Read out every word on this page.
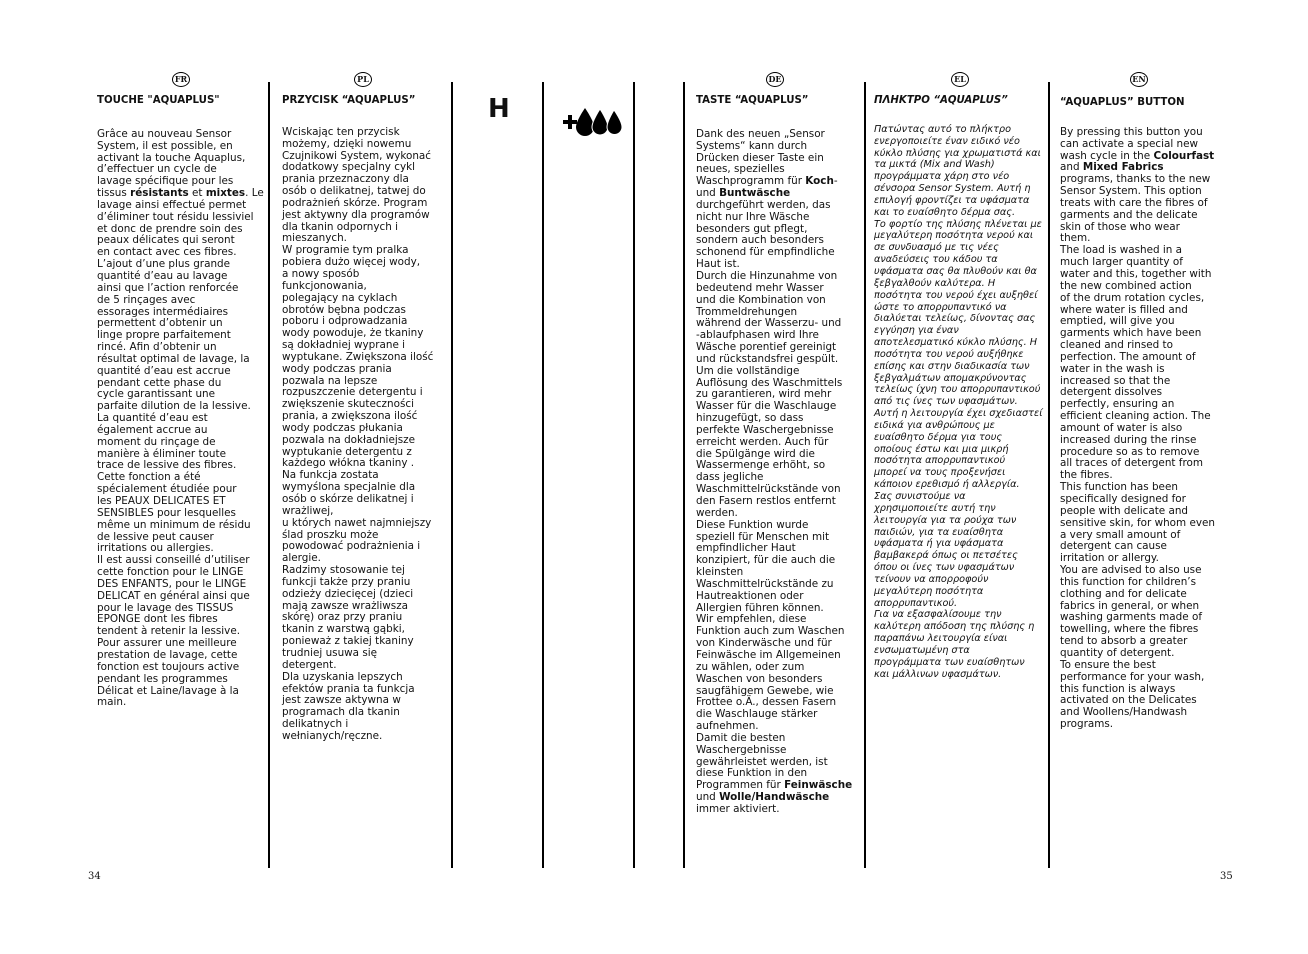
FR	PL	DE	EL	EN
H

TOUCHE "AQUAPLUS"

Grâce au nouveau Sensor
System, il est possible, en
activant la touche Aquaplus,
d’effectuer un cycle de
lavage spécifique pour les
tissus résistants et mixtes. Le
lavage ainsi effectué permet
d’éliminer tout résidu lessiviel
et donc de prendre soin des
peaux délicates qui seront
en contact avec ces fibres.
L’ajout d’une plus grande
quantité d’eau au lavage
ainsi que l’action renforcée
de 5 rinçages avec
essorages intermédiaires
permettent d’obtenir un
linge propre parfaitement
rincé. Afin d’obtenir un
résultat optimal de lavage, la
quantité d’eau est accrue
pendant cette phase du
cycle garantissant une
parfaite dilution de la lessive.
La quantité d’eau est
également accrue au
moment du rinçage de
manière à éliminer toute
trace de lessive des fibres.
Cette fonction a été
spécialement étudiée pour
les PEAUX DELICATES ET
SENSIBLES pour lesquelles
même un minimum de résidu
de lessive peut causer
irritations ou allergies.
Il est aussi conseillé d’utiliser
cette fonction pour le LINGE
DES ENFANTS, pour le LINGE
DELICAT en général ainsi que
pour le lavage des TISSUS
EPONGE dont les fibres
tendent à retenir la lessive.
Pour assurer une meilleure
prestation de lavage, cette
fonction est toujours active
pendant les programmes
Délicat et Laine/lavage à la
main.

PRZYCISK “AQUAPLUS”

Wciskając ten przycisk
możemy, dzięki nowemu
Czujnikowi System, wykonać
dodatkowy specjalny cykl
prania przeznaczony dla
osób o delikatnej, tatwej do
podrażnień skórze. Program
jest aktywny dla programów
dla tkanin odpornych i
mieszanych.
W programie tym pralka
pobiera dużo więcej wody,
a nowy sposób
funkcjonowania,
polegający na cyklach
obrotów bębna podczas
poboru i odprowadzania
wody powoduje, że tkaniny
są dokładniej wyprane i
wyptukane. Zwiększona ilość
wody podczas prania
pozwala na lepsze
rozpuszczenie detergentu i
zwiększenie skuteczności
prania, a zwiększona ilość
wody podczas płukania
pozwala na dokładniejsze
wyptukanie detergentu z
każdego włókna tkaniny .
Na funkcja zostata
wymyślona specjalnie dla
osób o skórze delikatnej i
wrażliwej,
u których nawet najmniejszy
ślad proszku może
powodować podrażnienia i
alergie.
Radzimy stosowanie tej
funkcji także przy praniu
odzieży dziecięcej (dzieci
mają zawsze wrażliwsza
skórę) oraz przy praniu
tkanin z warstwą gąbki,
ponieważ z takiej tkaniny
trudniej usuwa się
detergent.
Dla uzyskania lepszych
efektów prania ta funkcja
jest zawsze aktywna w
programach dla tkanin
delikatnych i
wełnianych/ręczne.

TASTE “AQUAPLUS”

Dank des neuen „Sensor
Systems“ kann durch
Drücken dieser Taste ein
neues, spezielles
Waschprogramm für Koch-
und Buntwäsche
durchgeführt werden, das
nicht nur Ihre Wäsche
besonders gut pflegt,
sondern auch besonders
schonend für empfindliche
Haut ist.
Durch die Hinzunahme von
bedeutend mehr Wasser
und die Kombination von
Trommeldrehungen
während der Wasserzu- und
-ablaufphasen wird Ihre
Wäsche porentief gereinigt
und rückstandsfrei gespült.
Um die vollständige
Auflösung des Waschmittels
zu garantieren, wird mehr
Wasser für die Waschlauge
hinzugefügt, so dass
perfekte Waschergebnisse
erreicht werden. Auch für
die Spülgänge wird die
Wassermenge erhöht, so
dass jegliche
Waschmittelrückstände von
den Fasern restlos entfernt
werden.
Diese Funktion wurde
speziell für Menschen mit
empfindlicher Haut
konzipiert, für die auch die
kleinsten
Waschmittelrückstände zu
Hautreaktionen oder
Allergien führen können.
Wir empfehlen, diese
Funktion auch zum Waschen
von Kinderwäsche und für
Feinwäsche im Allgemeinen
zu wählen, oder zum
Waschen von besonders
saugfähigem Gewebe, wie
Frottee o.Ä., dessen Fasern
die Waschlauge stärker
aufnehmen.
Damit die besten
Waschergebnisse
gewährleistet werden, ist
diese Funktion in den
Programmen für Feinwäsche
und Wolle/Handwäsche
immer aktiviert.

ΠΛΗΚΤΡΟ “AQUAPLUS”

Πατώντας αυτό το πλήκτρο
ενεργοποιείτε έναν ειδικό νέο
κύκλο πλύσης για χρωματιστά και
τα μικτά (Mix and Wash)
προγράμματα χάρη στο νέο
σένσορα Sensor System. Αυτή η
επιλογή φροντίζει τα υφάσματα
και το ευαίσθητο δέρμα σας.
Το φορτίο της πλύσης πλένεται με
μεγαλύτερη ποσότητα νερού και
σε συνδυασμό με τις νέες
αναδεύσεις του κάδου τα
υφάσματα σας θα πλυθούν και θα
ξεβγαλθούν καλύτερα. Η
ποσότητα του νερού έχει αυξηθεί
ώστε το απορρυπαντικό να
διαλύεται τελείως, δίνοντας σας
εγγύηση για έναν
αποτελεσματικό κύκλο πλύσης. Η
ποσότητα του νερού αυξήθηκε
επίσης και στην διαδικασία των
ξεβγαλμάτων απομακρύνοντας
τελείως ίχνη του απορρυπαντικού
από τις ίνες των υφασμάτων.
Αυτή η λειτουργία έχει σχεδιαστεί
ειδικά για ανθρώπους με
ευαίσθητο δέρμα για τους
οποίους έστω και μια μικρή
ποσότητα απορρυπαντικού
μπορεί να τους προξενήσει
κάποιον ερεθισμό ή αλλεργία.
Σας συνιστούμε να
χρησιμοποιείτε αυτή την
λειτουργία για τα ρούχα των
παιδιών, για τα ευαίσθητα
υφάσματα ή για υφάσματα
βαμβακερά όπως οι πετσέτες
όπου οι ίνες των υφασμάτων
τείνουν να απορροφούν
μεγαλύτερη ποσότητα
απορρυπαντικού.
Για να εξασφαλίσουμε την
καλύτερη απόδοση της πλύσης η
παραπάνω λειτουργία είναι
ενσωματωμένη στα
προγράμματα των ευαίσθητων
και μάλλινων υφασμάτων.

“AQUAPLUS” BUTTON

By pressing this button you
can activate a special new
wash cycle in the Colourfast
and Mixed Fabrics
programs, thanks to the new
Sensor System. This option
treats with care the fibres of
garments and the delicate
skin of those who wear
them.
The load is washed in a
much larger quantity of
water and this, together with
the new combined action
of the drum rotation cycles,
where water is filled and
emptied, will give you
garments which have been
cleaned and rinsed to
perfection. The amount of
water in the wash is
increased so that the
detergent dissolves
perfectly, ensuring an
efficient cleaning action. The
amount of water is also
increased during the rinse
procedure so as to remove
all traces of detergent from
the fibres.
This function has been
specifically designed for
people with delicate and
sensitive skin, for whom even
a very small amount of
detergent can cause
irritation or allergy.
You are advised to also use
this function for children’s
clothing and for delicate
fabrics in general, or when
washing garments made of
towelling, where the fibres
tend to absorb a greater
quantity of detergent.
To ensure the best
performance for your wash,
this function is always
activated on the Delicates
and Woollens/Handwash
programs.

34	35
